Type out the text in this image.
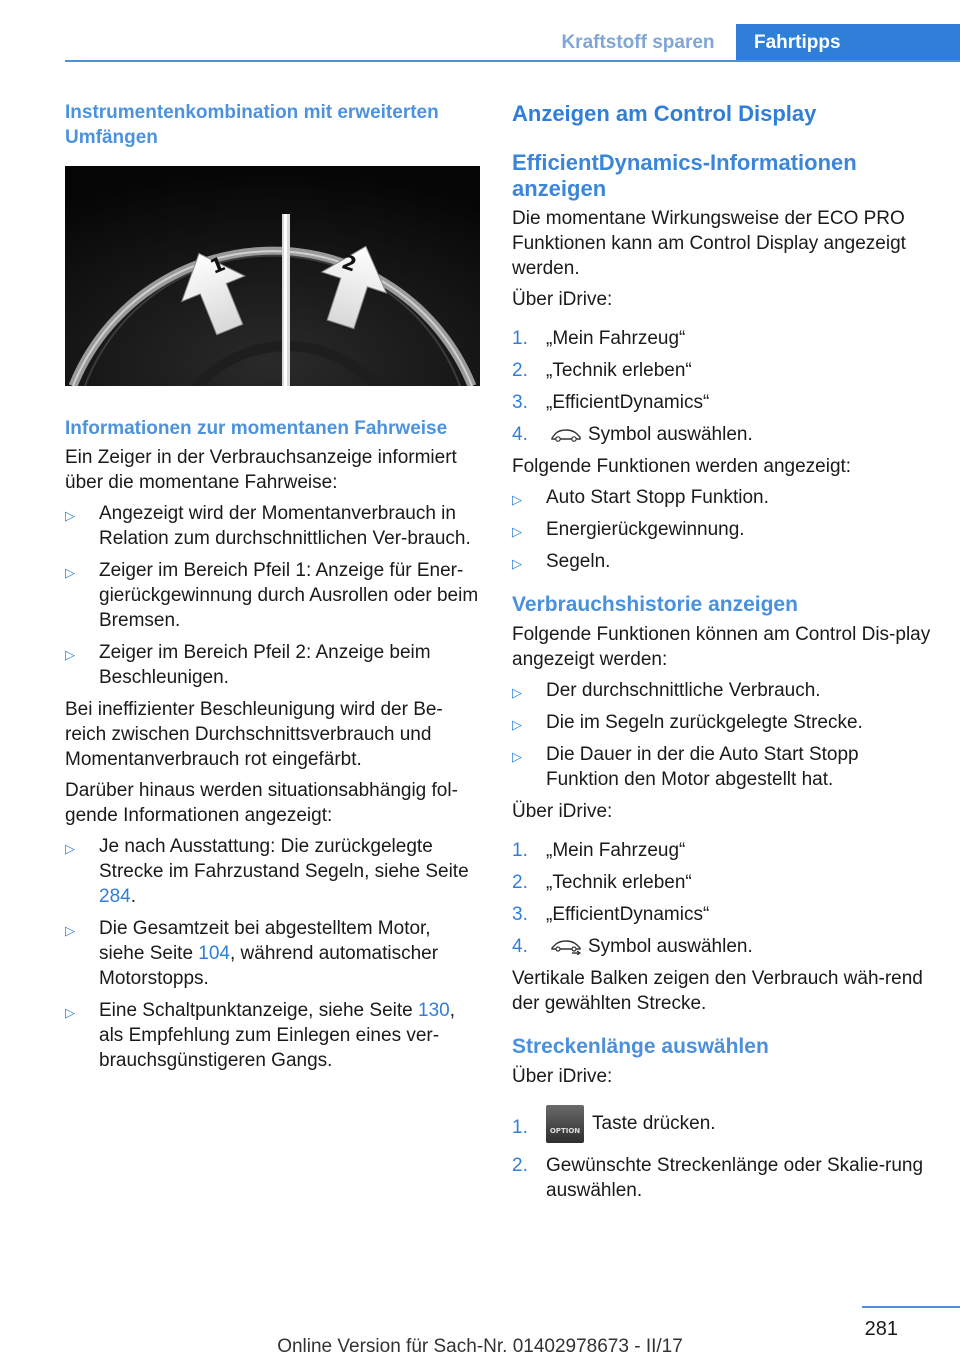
Kraftstoff sparen	Fahrtipps
Instrumentenkombination mit erweiterten Umfängen
1	2
Informationen zur momentanen Fahrweise

Ein Zeiger in der Verbrauchsanzeige informiert über die momentane Fahrweise:

▷ Angezeigt wird der Momentanverbrauch in Relation zum durchschnittlichen Ver‐brauch.
▷ Zeiger im Bereich Pfeil 1: Anzeige für Ener‐gierückgewinnung durch Ausrollen oder beim Bremsen.
▷ Zeiger im Bereich Pfeil 2: Anzeige beim Beschleunigen.

Bei ineffizienter Beschleunigung wird der Be‐reich zwischen Durchschnittsverbrauch und Momentanverbrauch rot eingefärbt.

Darüber hinaus werden situationsabhängig fol‐gende Informationen angezeigt:

▷ Je nach Ausstattung: Die zurückgelegte Strecke im Fahrzustand Segeln, siehe Seite 284.
▷ Die Gesamtzeit bei abgestelltem Motor, siehe Seite 104, während automatischer Motorstopps.
▷ Eine Schaltpunktanzeige, siehe Seite 130, als Empfehlung zum Einlegen eines ver‐brauchsgünstigeren Gangs.
Anzeigen am Control Display
EfficientDynamics-Informationen anzeigen

Die momentane Wirkungsweise der ECO PRO Funktionen kann am Control Display angezeigt werden.

Über iDrive:

1. „Mein Fahrzeug“
2. „Technik erleben“
3. „EfficientDynamics“
4.	Symbol auswählen.

Folgende Funktionen werden angezeigt:

▷ Auto Start Stopp Funktion.
▷ Energierückgewinnung.
▷ Segeln.
Verbrauchshistorie anzeigen

Folgende Funktionen können am Control Dis‐play angezeigt werden:

▷ Der durchschnittliche Verbrauch.
▷ Die im Segeln zurückgelegte Strecke.
▷ Die Dauer in der die Auto Start Stopp Funktion den Motor abgestellt hat.

Über iDrive:

1. „Mein Fahrzeug“
2. „Technik erleben“
3. „EfficientDynamics“
4.	Symbol auswählen.

Vertikale Balken zeigen den Verbrauch wäh‐rend der gewählten Strecke.

Streckenlänge auswählen

Über iDrive:

1.	OPTION Taste drücken.
2. Gewünschte Streckenlänge oder Skalie‐rung auswählen.
281
Online Version für Sach-Nr. 01402978673 - II/17
